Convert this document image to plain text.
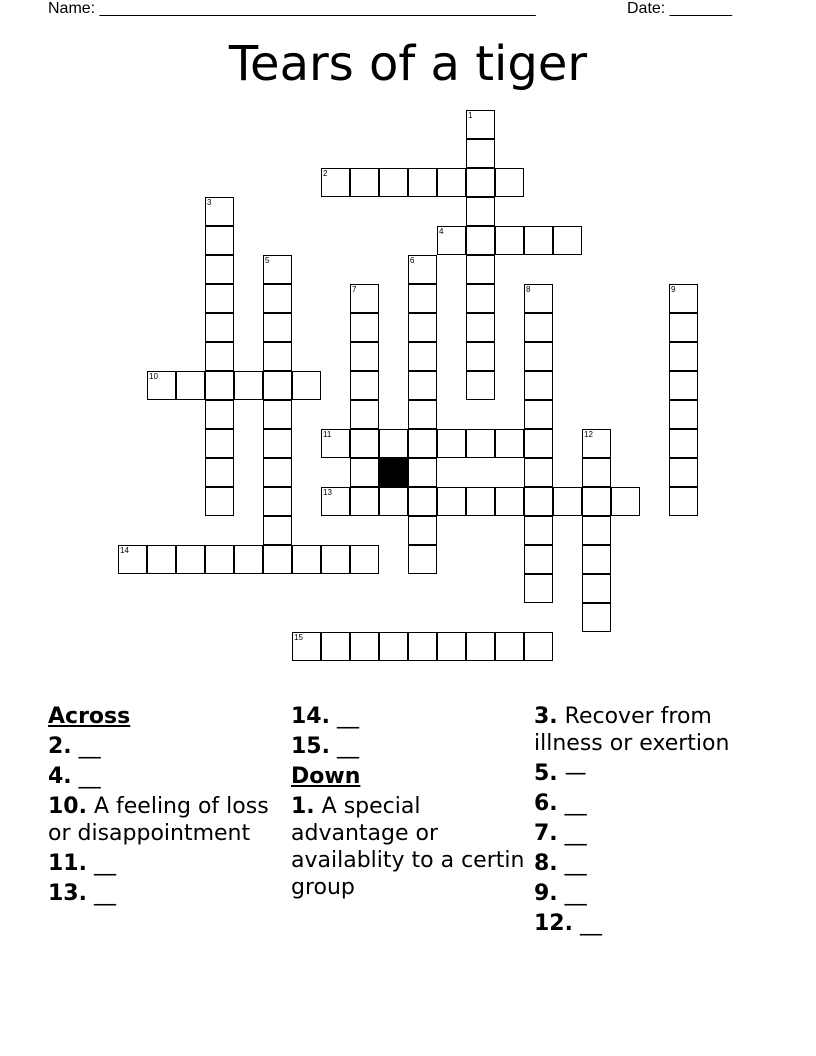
Name: _________________________________________________	Date: _______
Tears of a tiger
1
2
3
4
5	6
7	8	9
10
11	12
13
14
15
Across
2. __
4. __
10. A feeling of loss or disappointment
11. __
13. __
14. __
15. __
Down
1. A special advantage or availablity to a certin group
3. Recover from illness or exertion
5. —
6. __
7. __
8. __
9. __
12. __
